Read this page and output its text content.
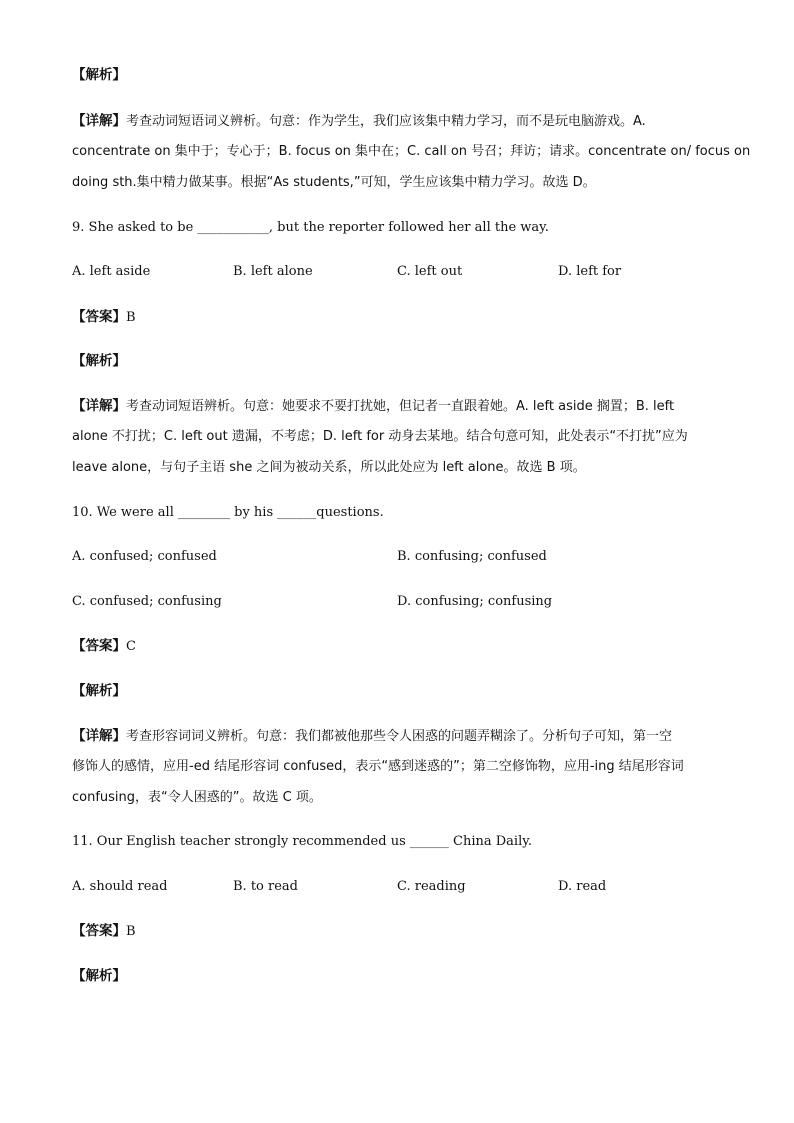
【解析】
【详解】考查动词短语词义辨析。句意：作为学生，我们应该集中精力学习，而不是玩电脑游戏。A.
concentrate on 集中于；专心于；B. focus on 集中在；C. call on 号召；拜访；请求。concentrate on/ focus on
doing sth.集中精力做某事。根据“As students,”可知，学生应该集中精力学习。故选 D。
9. She asked to be ___________, but the reporter followed her all the way.
A. left aside	B. left alone	C. left out	D. left for
【答案】B
【解析】
【详解】考查动词短语辨析。句意：她要求不要打扰她，但记者一直跟着她。A. left aside 搁置；B. left
alone 不打扰；C. left out 遗漏，不考虑；D. left for 动身去某地。结合句意可知，此处表示“不打扰”应为
leave alone，与句子主语 she 之间为被动关系，所以此处应为 left alone。故选 B 项。
10. We were all ________ by his ______questions.
A. confused; confused	B. confusing; confused
C. confused; confusing	D. confusing; confusing
【答案】C
【解析】
【详解】考查形容词词义辨析。句意：我们都被他那些令人困惑的问题弄糊涂了。分析句子可知，第一空
修饰人的感情，应用-ed 结尾形容词 confused，表示“感到迷惑的”；第二空修饰物，应用-ing 结尾形容词
confusing，表“令人困惑的”。故选 C 项。
11. Our English teacher strongly recommended us ______ China Daily.
A. should read	B. to read	C. reading	D. read
【答案】B
【解析】
